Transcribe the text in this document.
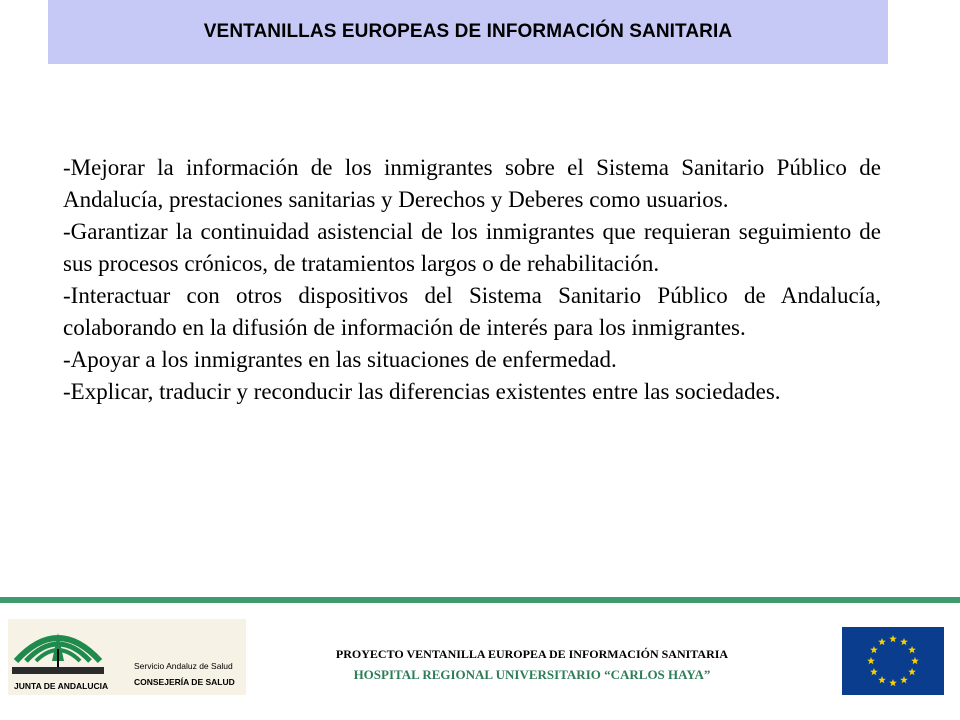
VENTANILLAS EUROPEAS DE INFORMACIÓN SANITARIA

-Mejorar la información de los inmigrantes sobre el Sistema Sanitario Público de Andalucía, prestaciones sanitarias y Derechos y Deberes como usuarios.

-Garantizar la continuidad asistencial de los inmigrantes que requieran seguimiento de sus procesos crónicos, de tratamientos largos o de rehabilitación.

-Interactuar con otros dispositivos del Sistema Sanitario Público de Andalucía, colaborando en la difusión de información de interés para los inmigrantes.

-Apoyar a los inmigrantes en las situaciones de enfermedad.

-Explicar, traducir y reconducir las diferencias existentes entre las sociedades.

JUNTA DE ANDALUCIA
Servicio Andaluz de Salud
CONSEJERÍA DE SALUD
PROYECTO VENTANILLA EUROPEA DE INFORMACIÓN SANITARIA
HOSPITAL REGIONAL UNIVERSITARIO “CARLOS HAYA”
